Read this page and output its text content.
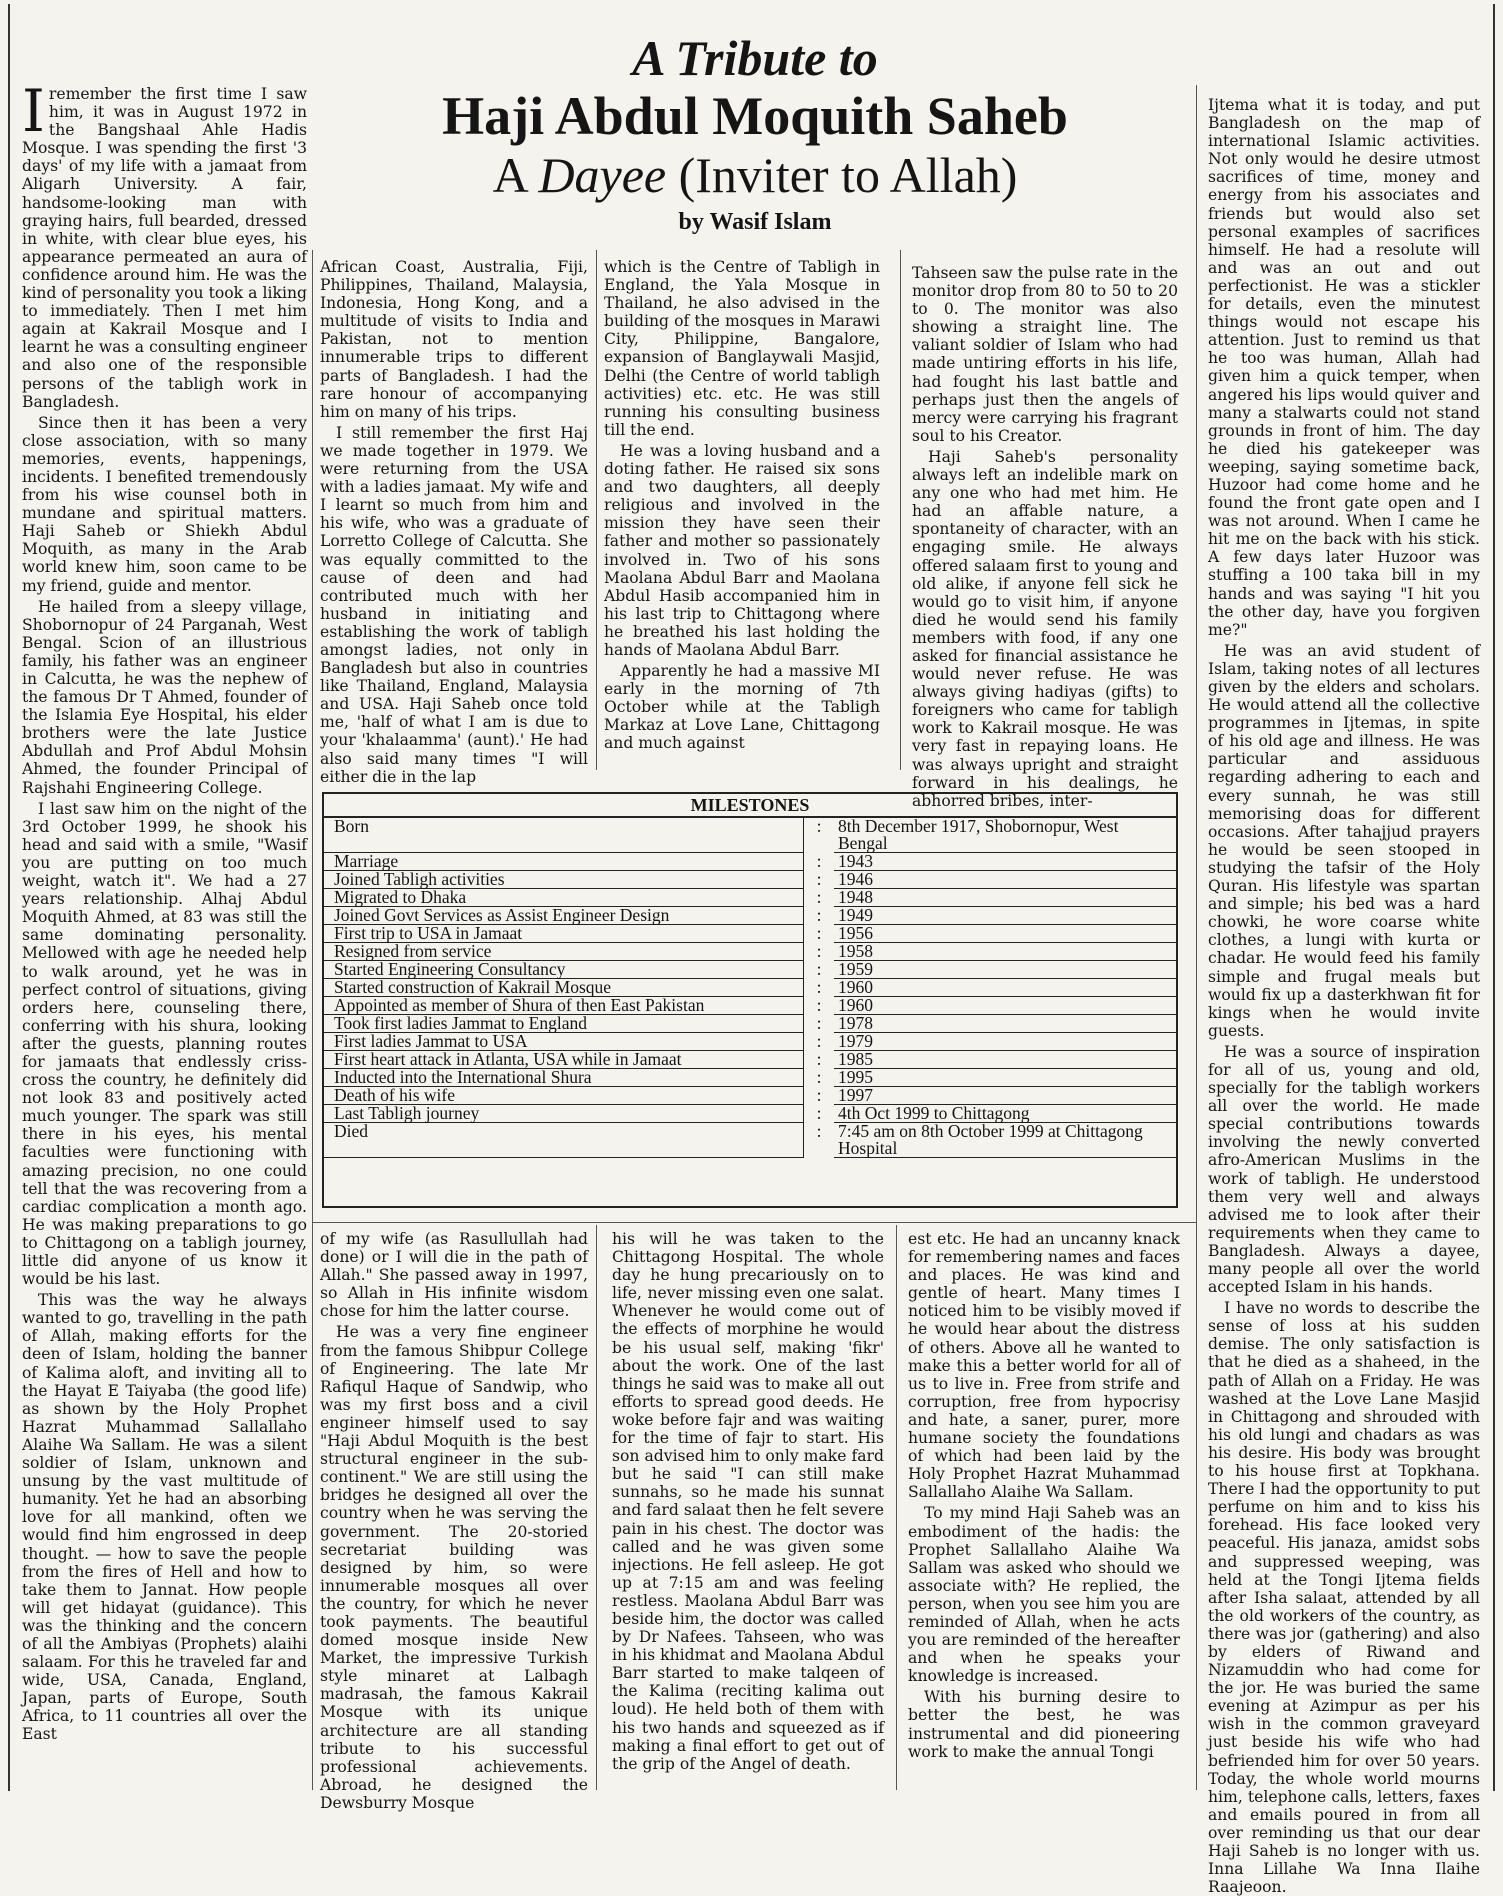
A Tribute to
Haji Abdul Moquith Saheb
A Dayee (Inviter to Allah)
by Wasif Islam

Iremember the first time I saw him, it was in August 1972 in the Bangshaal Ahle Hadis Mosque. I was spending the first '3 days' of my life with a jamaat from Aligarh University. A fair, handsome-looking man with graying hairs, full bearded, dressed in white, with clear blue eyes, his appearance permeated an aura of confidence around him. He was the kind of personality you took a liking to immediately. Then I met him again at Kakrail Mosque and I learnt he was a consulting engineer and also one of the responsible persons of the tabligh work in Bangladesh.

Since then it has been a very close association, with so many memories, events, happenings, incidents. I benefited tremendously from his wise counsel both in mundane and spiritual matters. Haji Saheb or Shiekh Abdul Moquith, as many in the Arab world knew him, soon came to be my friend, guide and mentor.

He hailed from a sleepy village, Shobornopur of 24 Parganah, West Bengal. Scion of an illustrious family, his father was an engineer in Calcutta, he was the nephew of the famous Dr T Ahmed, founder of the Islamia Eye Hospital, his elder brothers were the late Justice Abdullah and Prof Abdul Mohsin Ahmed, the founder Principal of Rajshahi Engineering College.

I last saw him on the night of the 3rd October 1999, he shook his head and said with a smile, "Wasif you are putting on too much weight, watch it". We had a 27 years relationship. Alhaj Abdul Moquith Ahmed, at 83 was still the same dominating personality. Mellowed with age he needed help to walk around, yet he was in perfect control of situations, giving orders here, counseling there, conferring with his shura, looking after the guests, planning routes for jamaats that endlessly criss-cross the country, he definitely did not look 83 and positively acted much younger. The spark was still there in his eyes, his mental faculties were functioning with amazing precision, no one could tell that the was recovering from a cardiac complication a month ago. He was making preparations to go to Chittagong on a tabligh journey, little did anyone of us know it would be his last.

This was the way he always wanted to go, travelling in the path of Allah, making efforts for the deen of Islam, holding the banner of Kalima aloft, and inviting all to the Hayat E Taiyaba (the good life) as shown by the Holy Prophet Hazrat Muhammad Sallallaho Alaihe Wa Sallam. He was a silent soldier of Islam, unknown and unsung by the vast multitude of humanity. Yet he had an absorbing love for all mankind, often we would find him engrossed in deep thought. — how to save the people from the fires of Hell and how to take them to Jannat. How people will get hidayat (guidance). This was the thinking and the concern of all the Ambiyas (Prophets) alaihi salaam. For this he traveled far and wide, USA, Canada, England, Japan, parts of Europe, South Africa, to 11 countries all over the East

African Coast, Australia, Fiji, Philippines, Thailand, Malaysia, Indonesia, Hong Kong, and a multitude of visits to India and Pakistan, not to mention innumerable trips to different parts of Bangladesh. I had the rare honour of accompanying him on many of his trips.

I still remember the first Haj we made together in 1979. We were returning from the USA with a ladies jamaat. My wife and I learnt so much from him and his wife, who was a graduate of Lorretto College of Calcutta. She was equally committed to the cause of deen and had contributed much with her husband in initiating and establishing the work of tabligh amongst ladies, not only in Bangladesh but also in countries like Thailand, England, Malaysia and USA. Haji Saheb once told me, 'half of what I am is due to your 'khalaamma' (aunt).' He had also said many times "I will either die in the lap

which is the Centre of Tabligh in England, the Yala Mosque in Thailand, he also advised in the building of the mosques in Marawi City, Philippine, Bangalore, expansion of Banglaywali Masjid, Delhi (the Centre of world tabligh activities) etc. etc. He was still running his consulting business till the end.

He was a loving husband and a doting father. He raised six sons and two daughters, all deeply religious and involved in the mission they have seen their father and mother so passionately involved in. Two of his sons Maolana Abdul Barr and Maolana Abdul Hasib accompanied him in his last trip to Chittagong where he breathed his last holding the hands of Maolana Abdul Barr.

Apparently he had a massive MI early in the morning of 7th October while at the Tabligh Markaz at Love Lane, Chittagong and much against

Tahseen saw the pulse rate in the monitor drop from 80 to 50 to 20 to 0. The monitor was also showing a straight line. The valiant soldier of Islam who had made untiring efforts in his life, had fought his last battle and perhaps just then the angels of mercy were carrying his fragrant soul to his Creator.

Haji Saheb's personality always left an indelible mark on any one who had met him. He had an affable nature, a spontaneity of character, with an engaging smile. He always offered salaam first to young and old alike, if anyone fell sick he would go to visit him, if anyone died he would send his family members with food, if any one asked for financial assistance he would never refuse. He was always giving hadiyas (gifts) to foreigners who came for tabligh work to Kakrail mosque. He was very fast in repaying loans. He was always upright and straight forward in his dealings, he abhorred bribes, inter-

Ijtema what it is today, and put Bangladesh on the map of international Islamic activities. Not only would he desire utmost sacrifices of time, money and energy from his associates and friends but would also set personal examples of sacrifices himself. He had a resolute will and was an out and out perfectionist. He was a stickler for details, even the minutest things would not escape his attention. Just to remind us that he too was human, Allah had given him a quick temper, when angered his lips would quiver and many a stalwarts could not stand grounds in front of him. The day he died his gatekeeper was weeping, saying sometime back, Huzoor had come home and he found the front gate open and I was not around. When I came he hit me on the back with his stick. A few days later Huzoor was stuffing a 100 taka bill in my hands and was saying "I hit you the other day, have you forgiven me?"

He was an avid student of Islam, taking notes of all lectures given by the elders and scholars. He would attend all the collective programmes in Ijtemas, in spite of his old age and illness. He was particular and assiduous regarding adhering to each and every sunnah, he was still memorising doas for different occasions. After tahajjud prayers he would be seen stooped in studying the tafsir of the Holy Quran. His lifestyle was spartan and simple; his bed was a hard chowki, he wore coarse white clothes, a lungi with kurta or chadar. He would feed his family simple and frugal meals but would fix up a dasterkhwan fit for kings when he would invite guests.

He was a source of inspiration for all of us, young and old, specially for the tabligh workers all over the world. He made special contributions towards involving the newly converted afro-American Muslims in the work of tabligh. He understood them very well and always advised me to look after their requirements when they came to Bangladesh. Always a dayee, many people all over the world accepted Islam in his hands.

I have no words to describe the sense of loss at his sudden demise. The only satisfaction is that he died as a shaheed, in the path of Allah on a Friday. He was washed at the Love Lane Masjid in Chittagong and shrouded with his old lungi and chadars as was his desire. His body was brought to his house first at Topkhana. There I had the opportunity to put perfume on him and to kiss his forehead. His face looked very peaceful. His janaza, amidst sobs and suppressed weeping, was held at the Tongi Ijtema fields after Isha salaat, attended by all the old workers of the country, as there was jor (gathering) and also by elders of Riwand and Nizamuddin who had come for the jor. He was buried the same evening at Azimpur as per his wish in the common graveyard just beside his wife who had befriended him for over 50 years. Today, the whole world mourns him, telephone calls, letters, faxes and emails poured in from all over reminding us that our dear Haji Saheb is no longer with us. Inna Lillahe Wa Inna Ilaihe Raajeoon.

MILESTONES
Born	: 8th December 1917, Shobornopur, West Bengal
Marriage	: 1943
Joined Tabligh activities	: 1946
Migrated to Dhaka	: 1948
Joined Govt Services as Assist Engineer Design	: 1949
First trip to USA in Jamaat	: 1956
Resigned from service	: 1958
Started Engineering Consultancy	: 1959
Started construction of Kakrail Mosque	: 1960
Appointed as member of Shura of then East Pakistan	: 1960
Took first ladies Jammat to England	: 1978
First ladies Jammat to USA	: 1979
First heart attack in Atlanta, USA while in Jamaat	: 1985
Inducted into the International Shura	: 1995
Death of his wife	: 1997
Last Tabligh journey	: 4th Oct 1999 to Chittagong
Died	: 7:45 am on 8th October 1999 at Chittagong Hospital

of my wife (as Rasullullah had done) or I will die in the path of Allah." She passed away in 1997, so Allah in His infinite wisdom chose for him the latter course.

He was a very fine engineer from the famous Shibpur College of Engineering. The late Mr Rafiqul Haque of Sandwip, who was my first boss and a civil engineer himself used to say "Haji Abdul Moquith is the best structural engineer in the sub-continent." We are still using the bridges he designed all over the country when he was serving the government. The 20-storied secretariat building was designed by him, so were innumerable mosques all over the country, for which he never took payments. The beautiful domed mosque inside New Market, the impressive Turkish style minaret at Lalbagh madrasah, the famous Kakrail Mosque with its unique architecture are all standing tribute to his successful professional achievements. Abroad, he designed the Dewsburry Mosque

his will he was taken to the Chittagong Hospital. The whole day he hung precariously on to life, never missing even one salat. Whenever he would come out of the effects of morphine he would be his usual self, making 'fikr' about the work. One of the last things he said was to make all out efforts to spread good deeds. He woke before fajr and was waiting for the time of fajr to start. His son advised him to only make fard but he said "I can still make sunnahs, so he made his sunnat and fard salaat then he felt severe pain in his chest. The doctor was called and he was given some injections. He fell asleep. He got up at 7:15 am and was feeling restless. Maolana Abdul Barr was beside him, the doctor was called by Dr Nafees. Tahseen, who was in his khidmat and Maolana Abdul Barr started to make talqeen of the Kalima (reciting kalima out loud). He held both of them with his two hands and squeezed as if making a final effort to get out of the grip of the Angel of death.

est etc. He had an uncanny knack for remembering names and faces and places. He was kind and gentle of heart. Many times I noticed him to be visibly moved if he would hear about the distress of others. Above all he wanted to make this a better world for all of us to live in. Free from strife and corruption, free from hypocrisy and hate, a saner, purer, more humane society the foundations of which had been laid by the Holy Prophet Hazrat Muhammad Sallallaho Alaihe Wa Sallam.

To my mind Haji Saheb was an embodiment of the hadis: the Prophet Sallallaho Alaihe Wa Sallam was asked who should we associate with? He replied, the person, when you see him you are reminded of Allah, when he acts you are reminded of the hereafter and when he speaks your knowledge is increased.

With his burning desire to better the best, he was instrumental and did pioneering work to make the annual Tongi
